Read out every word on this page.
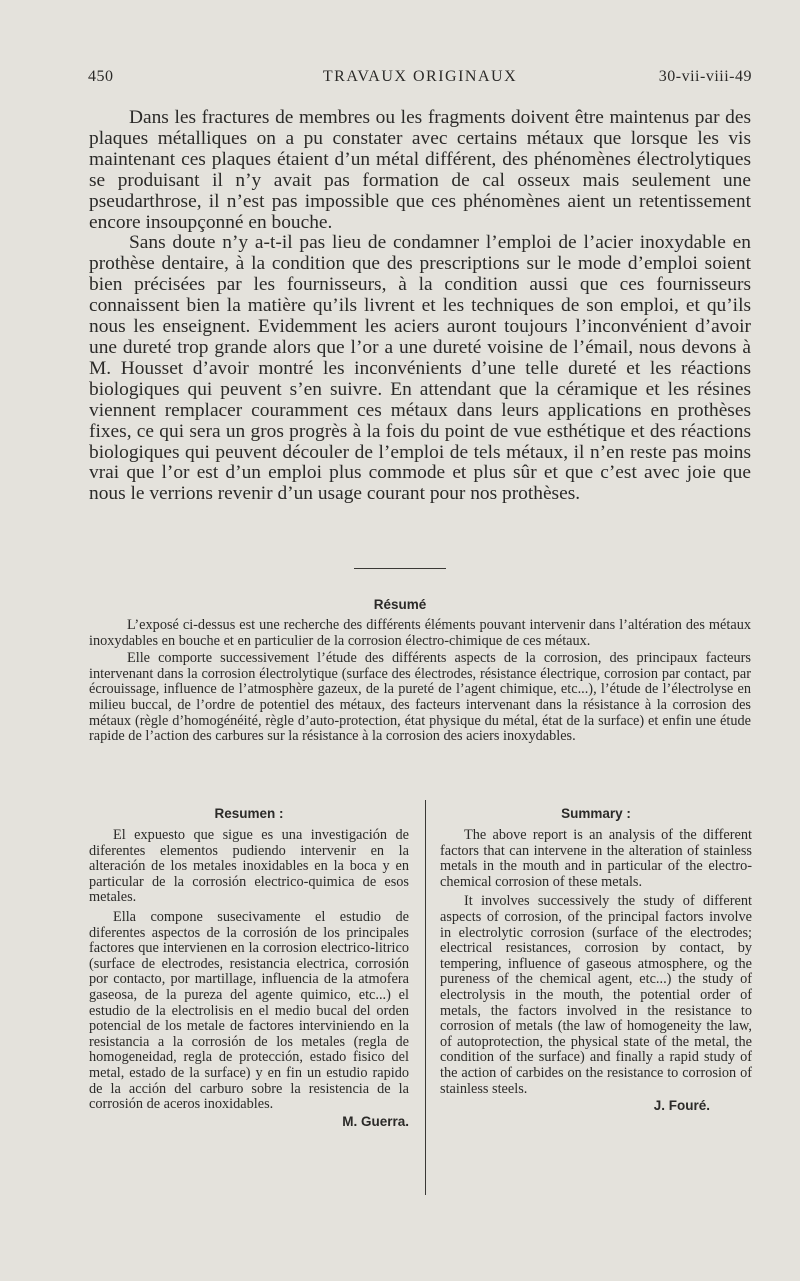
450	TRAVAUX ORIGINAUX	30-vii-viii-49

Dans les fractures de membres ou les fragments doivent être maintenus par des plaques métalliques on a pu constater avec certains métaux que lorsque les vis maintenant ces plaques étaient d’un métal différent, des phénomènes électrolytiques se produisant il n’y avait pas formation de cal osseux mais seulement une pseudarthrose, il n’est pas impossible que ces phénomènes aient un retentissement encore insoupçonné en bouche.

Sans doute n’y a-t-il pas lieu de condamner l’emploi de l’acier inoxydable en prothèse dentaire, à la condition que des prescriptions sur le mode d’emploi soient bien précisées par les fournisseurs, à la condition aussi que ces fournisseurs connaissent bien la matière qu’ils livrent et les techniques de son emploi, et qu’ils nous les enseignent. Evidemment les aciers auront toujours l’inconvénient d’avoir une dureté trop grande alors que l’or a une dureté voisine de l’émail, nous devons à M. Housset d’avoir montré les inconvénients d’une telle dureté et les réactions biologiques qui peuvent s’en suivre. En attendant que la céramique et les résines viennent remplacer couramment ces métaux dans leurs applications en prothèses fixes, ce qui sera un gros progrès à la fois du point de vue esthétique et des réactions biologiques qui peuvent découler de l’emploi de tels métaux, il n’en reste pas moins vrai que l’or est d’un emploi plus commode et plus sûr et que c’est avec joie que nous le verrions revenir d’un usage courant pour nos prothèses.

Résumé

L’exposé ci-dessus est une recherche des différents éléments pouvant intervenir dans l’altération des métaux inoxydables en bouche et en particulier de la corrosion électro-chimique de ces métaux.

Elle comporte successivement l’étude des différents aspects de la corrosion, des principaux facteurs intervenant dans la corrosion électrolytique (surface des électrodes, résistance électrique, corrosion par contact, par écrouissage, influence de l’atmosphère gazeux, de la pureté de l’agent chimique, etc...), l’étude de l’électrolyse en milieu buccal, de l’ordre de potentiel des métaux, des facteurs intervenant dans la résistance à la corrosion des métaux (règle d’homogénéité, règle d’auto-protection, état physique du métal, état de la surface) et enfin une étude rapide de l’action des carbures sur la résistance à la corrosion des aciers inoxydables.

Resumen :	Summary :

El expuesto que sigue es una investigación de diferentes elementos pudiendo intervenir en la alteración de los metales inoxidables en la boca y en particular de la corrosión electrico-quimica de esos metales.

Ella compone susecivamente el estudio de diferentes aspectos de la corrosión de los principales factores que intervienen en la corrosion electrico-litrico (surface de electrodes, resistancia electrica, corrosión por contacto, por martillage, influencia de la atmofera gaseosa, de la pureza del agente quimico, etc...) el estudio de la electrolisis en el medio bucal del orden potencial de los metale de factores interviniendo en la resistancia a la corrosión de los metales (regla de homogeneidad, regla de protección, estado fisico del metal, estado de la surface) y en fin un estudio rapido de la acción del carburo sobre la resistencia de la corrosión de aceros inoxidables.

M. Guerra.

The above report is an analysis of the different factors that can intervene in the alteration of stainless metals in the mouth and in particular of the electro-chemical corrosion of these metals.

It involves successively the study of different aspects of corrosion, of the principal factors involve in electrolytic corrosion (surface of the electrodes; electrical resistances, corrosion by contact, by tempering, influence of gaseous atmosphere, og the pureness of the chemical agent, etc...) the study of electrolysis in the mouth, the potential order of metals, the factors involved in the resistance to corrosion of metals (the law of homogeneity the law, of autoprotection, the physical state of the metal, the condition of the surface) and finally a rapid study of the action of carbides on the resistance to corrosion of stainless steels.

J. Fouré.
